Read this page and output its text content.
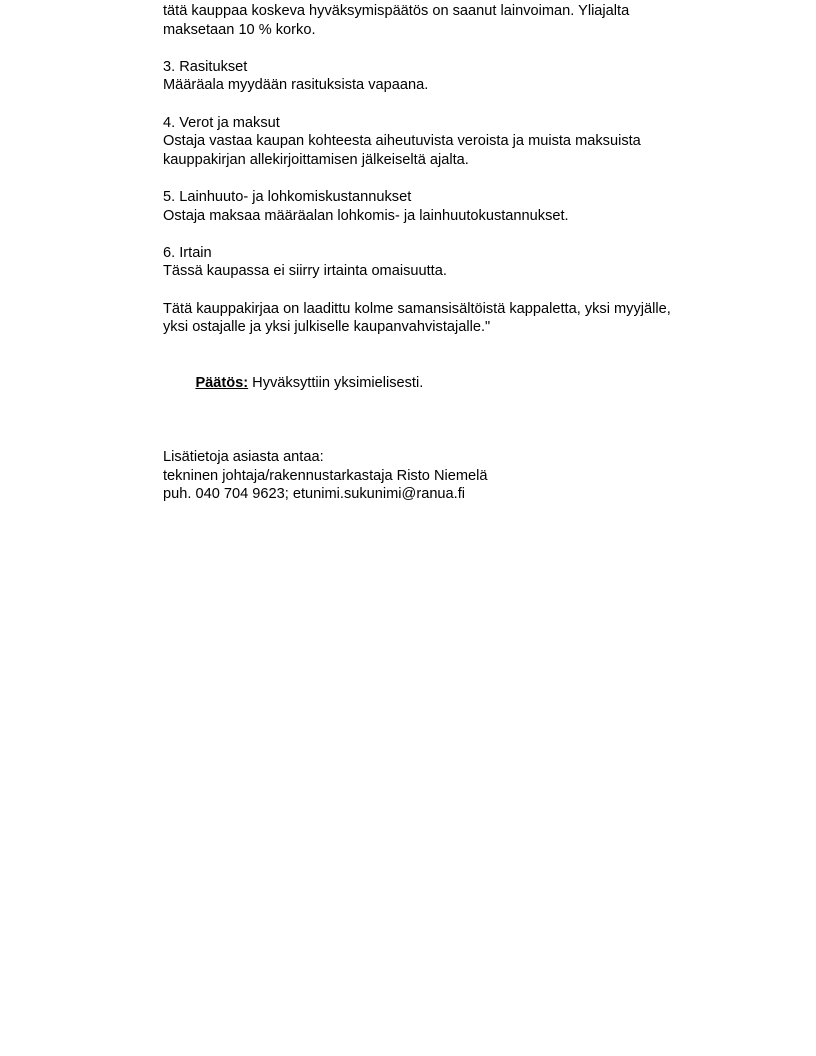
tätä kauppaa koskeva hyväksymispäätös on saanut lainvoiman. Yliajalta
maksetaan 10 % korko.
3. Rasitukset
Määräala myydään rasituksista vapaana.
4. Verot ja maksut
Ostaja vastaa kaupan kohteesta aiheutuvista veroista ja muista maksuista
kauppakirjan allekirjoittamisen jälkeiseltä ajalta.
5. Lainhuuto- ja lohkomiskustannukset
Ostaja maksaa määräalan lohkomis- ja lainhuutokustannukset.
6. Irtain
Tässä kaupassa ei siirry irtainta omaisuutta.
Tätä kauppakirjaa on laadittu kolme samansisältöistä kappaletta, yksi myyjälle,
yksi ostajalle ja yksi julkiselle kaupanvahvistajalle."

Päätös: Hyväksyttiin yksimielisesti.

Lisätietoja asiasta antaa:
tekninen johtaja/rakennustarkastaja Risto Niemelä
puh. 040 704 9623; etunimi.sukunimi@ranua.fi
